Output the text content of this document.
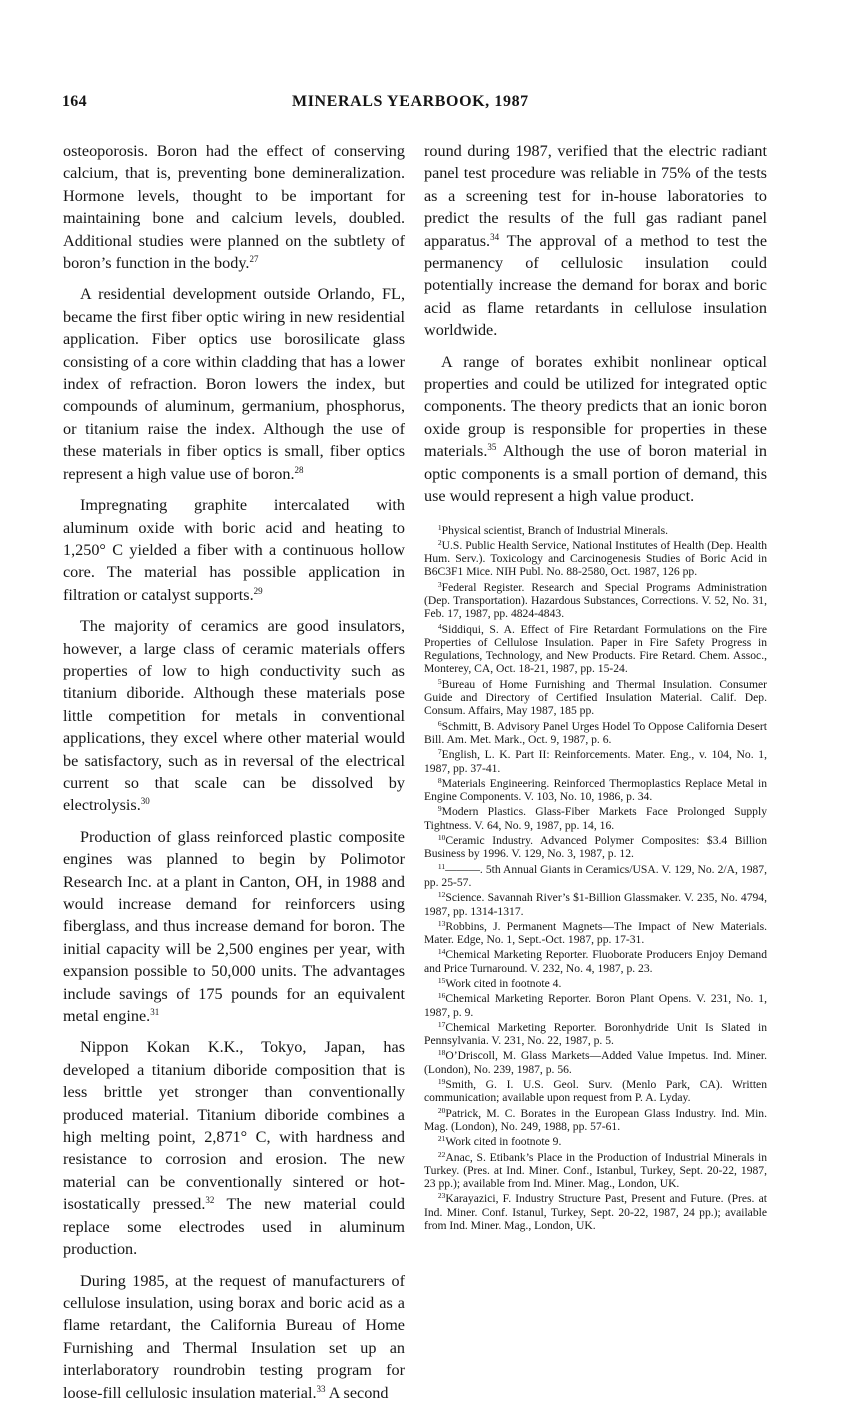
164	MINERALS YEARBOOK, 1987

osteoporosis. Boron had the effect of conserving calcium, that is, preventing bone demineralization. Hormone levels, thought to be important for maintaining bone and calcium levels, doubled. Additional studies were planned on the subtlety of boron’s function in the body.$^{27}$

A residential development outside Orlando, FL, became the first fiber optic wiring in new residential application. Fiber optics use borosilicate glass consisting of a core within cladding that has a lower index of refraction. Boron lowers the index, but compounds of aluminum, germanium, phosphorus, or titanium raise the index. Although the use of these materials in fiber optics is small, fiber optics represent a high value use of boron.$^{28}$

Impregnating graphite intercalated with aluminum oxide with boric acid and heating to 1,250° C yielded a fiber with a continuous hollow core. The material has possible application in filtration or catalyst supports.$^{29}$

The majority of ceramics are good insulators, however, a large class of ceramic materials offers properties of low to high conductivity such as titanium diboride. Although these materials pose little competition for metals in conventional applications, they excel where other material would be satisfactory, such as in reversal of the electrical current so that scale can be dissolved by electrolysis.$^{30}$

Production of glass reinforced plastic composite engines was planned to begin by Polimotor Research Inc. at a plant in Canton, OH, in 1988 and would increase demand for reinforcers using fiberglass, and thus increase demand for boron. The initial capacity will be 2,500 engines per year, with expansion possible to 50,000 units. The advantages include savings of 175 pounds for an equivalent metal engine.$^{31}$

Nippon Kokan K.K., Tokyo, Japan, has developed a titanium diboride composition that is less brittle yet stronger than conventionally produced material. Titanium diboride combines a high melting point, 2,871° C, with hardness and resistance to corrosion and erosion. The new material can be conventionally sintered or hot-isostatically pressed.$^{32}$ The new material could replace some electrodes used in aluminum production.

During 1985, at the request of manufacturers of cellulose insulation, using borax and boric acid as a flame retardant, the California Bureau of Home Furnishing and Thermal Insulation set up an interlaboratory roundrobin testing program for loose-fill cellulosic insulation material.$^{33}$ A second

round during 1987, verified that the electric radiant panel test procedure was reliable in 75% of the tests as a screening test for in-house laboratories to predict the results of the full gas radiant panel apparatus.$^{34}$ The approval of a method to test the permanency of cellulosic insulation could potentially increase the demand for borax and boric acid as flame retardants in cellulose insulation worldwide.

A range of borates exhibit nonlinear optical properties and could be utilized for integrated optic components. The theory predicts that an ionic boron oxide group is responsible for properties in these materials.$^{35}$ Although the use of boron material in optic components is a small portion of demand, this use would represent a high value product.

$^1$Physical scientist, Branch of Industrial Minerals.
$^2$U.S. Public Health Service, National Institutes of Health (Dep. Health Hum. Serv.). Toxicology and Carcinogenesis Studies of Boric Acid in B6C3F1 Mice. NIH Publ. No. 88-2580, Oct. 1987, 126 pp.
$^3$Federal Register. Research and Special Programs Administration (Dep. Transportation). Hazardous Substances, Corrections. V. 52, No. 31, Feb. 17, 1987, pp. 4824-4843.
$^4$Siddiqui, S. A. Effect of Fire Retardant Formulations on the Fire Properties of Cellulose Insulation. Paper in Fire Safety Progress in Regulations, Technology, and New Products. Fire Retard. Chem. Assoc., Monterey, CA, Oct. 18-21, 1987, pp. 15-24.
$^5$Bureau of Home Furnishing and Thermal Insulation. Consumer Guide and Directory of Certified Insulation Material. Calif. Dep. Consum. Affairs, May 1987, 185 pp.
$^6$Schmitt, B. Advisory Panel Urges Hodel To Oppose California Desert Bill. Am. Met. Mark., Oct. 9, 1987, p. 6.
$^7$English, L. K. Part II: Reinforcements. Mater. Eng., v. 104, No. 1, 1987, pp. 37-41.
$^8$Materials Engineering. Reinforced Thermoplastics Replace Metal in Engine Components. V. 103, No. 10, 1986, p. 34.
$^9$Modern Plastics. Glass-Fiber Markets Face Prolonged Supply Tightness. V. 64, No. 9, 1987, pp. 14, 16.
$^{10}$Ceramic Industry. Advanced Polymer Composites: $3.4 Billion Business by 1996. V. 129, No. 3, 1987, p. 12.
$^{11}$———. 5th Annual Giants in Ceramics/USA. V. 129, No. 2/A, 1987, pp. 25-57.
$^{12}$Science. Savannah River’s $1-Billion Glassmaker. V. 235, No. 4794, 1987, pp. 1314-1317.
$^{13}$Robbins, J. Permanent Magnets—The Impact of New Materials. Mater. Edge, No. 1, Sept.-Oct. 1987, pp. 17-31.
$^{14}$Chemical Marketing Reporter. Fluoborate Producers Enjoy Demand and Price Turnaround. V. 232, No. 4, 1987, p. 23.
$^{15}$Work cited in footnote 4.
$^{16}$Chemical Marketing Reporter. Boron Plant Opens. V. 231, No. 1, 1987, p. 9.
$^{17}$Chemical Marketing Reporter. Boronhydride Unit Is Slated in Pennsylvania. V. 231, No. 22, 1987, p. 5.
$^{18}$O’Driscoll, M. Glass Markets—Added Value Impetus. Ind. Miner. (London), No. 239, 1987, p. 56.
$^{19}$Smith, G. I. U.S. Geol. Surv. (Menlo Park, CA). Written communication; available upon request from P. A. Lyday.
$^{20}$Patrick, M. C. Borates in the European Glass Industry. Ind. Min. Mag. (London), No. 249, 1988, pp. 57-61.
$^{21}$Work cited in footnote 9.
$^{22}$Anac, S. Etibank’s Place in the Production of Industrial Minerals in Turkey. (Pres. at Ind. Miner. Conf., Istanbul, Turkey, Sept. 20-22, 1987, 23 pp.); available from Ind. Miner. Mag., London, UK.
$^{23}$Karayazici, F. Industry Structure Past, Present and Future. (Pres. at Ind. Miner. Conf. Istanul, Turkey, Sept. 20-22, 1987, 24 pp.); available from Ind. Miner. Mag., London, UK.
